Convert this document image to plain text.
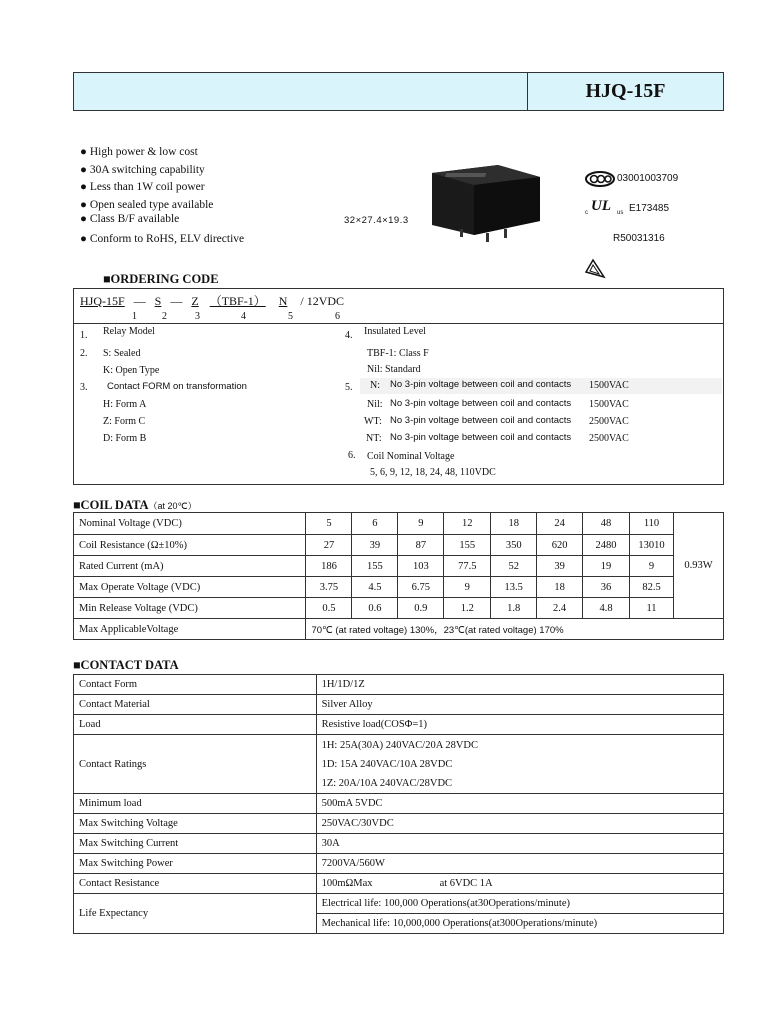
HJQ-15F
● High power & low cost
● 30A switching capability
● Less than 1W coil power
● Open sealed type available
● Class B/F available
● Conform to RoHS, ELV directive
32×27.4×19.3
03001003709
c UL us E173485
R50031316
■ORDERING CODE
HJQ-15F — S — Z （TBF-1） N / 12VDC
1	2	3	4	5	6
1. Relay Model
2. S: Sealed
K: Open Type
3. Contact FORM on transformation
H: Form A
Z: Form C
D: Form B
4. Insulated Level
TBF-1: Class F
Nil: Standard
5. N: No 3-pin voltage between coil and contacts 1500VAC
Nil: No 3-pin voltage between coil and contacts 1500VAC
WT: No 3-pin voltage between coil and contacts 2500VAC
NT: No 3-pin voltage between coil and contacts 2500VAC
6. Coil Nominal Voltage
5, 6, 9, 12, 18, 24, 48, 110VDC
■COIL DATA（at 20℃）
Nominal Voltage (VDC)	5	6	9	12	18	24	48	110	0.93W
Coil Resistance (Ω±10%)	27	39	87	155	350	620	2480	13010	
Rated Current (mA)	186	155	103	77.5	52	39	19	9	
Max Operate Voltage (VDC)	3.75	4.5	6.75	9	13.5	18	36	82.5	
Min Release Voltage (VDC)	0.5	0.6	0.9	1.2	1.8	2.4	4.8	11	
Max ApplicableVoltage	70℃ (at rated voltage) 130%，23℃(at rated voltage) 170%								
■CONTACT DATA
Contact Form	1H/1D/1Z
Contact Material	Silver Alloy
Load	Resistive load(COSΦ=1)
Contact Ratings	1H: 25A(30A) 240VAC/20A 28VDC
1D: 15A 240VAC/10A 28VDC
1Z: 20A/10A 240VAC/28VDC

Minimum load	500mA 5VDC
Max Switching Voltage	250VAC/30VDC
Max Switching Current	30A
Max Switching Power	7200VA/560W
Contact Resistance	100mΩMax at 6VDC 1A
Life Expectancy	Electrical life: 100,000 Operations(at30Operations/minute)
	Mechanical life: 10,000,000 Operations(at300Operations/minute)
